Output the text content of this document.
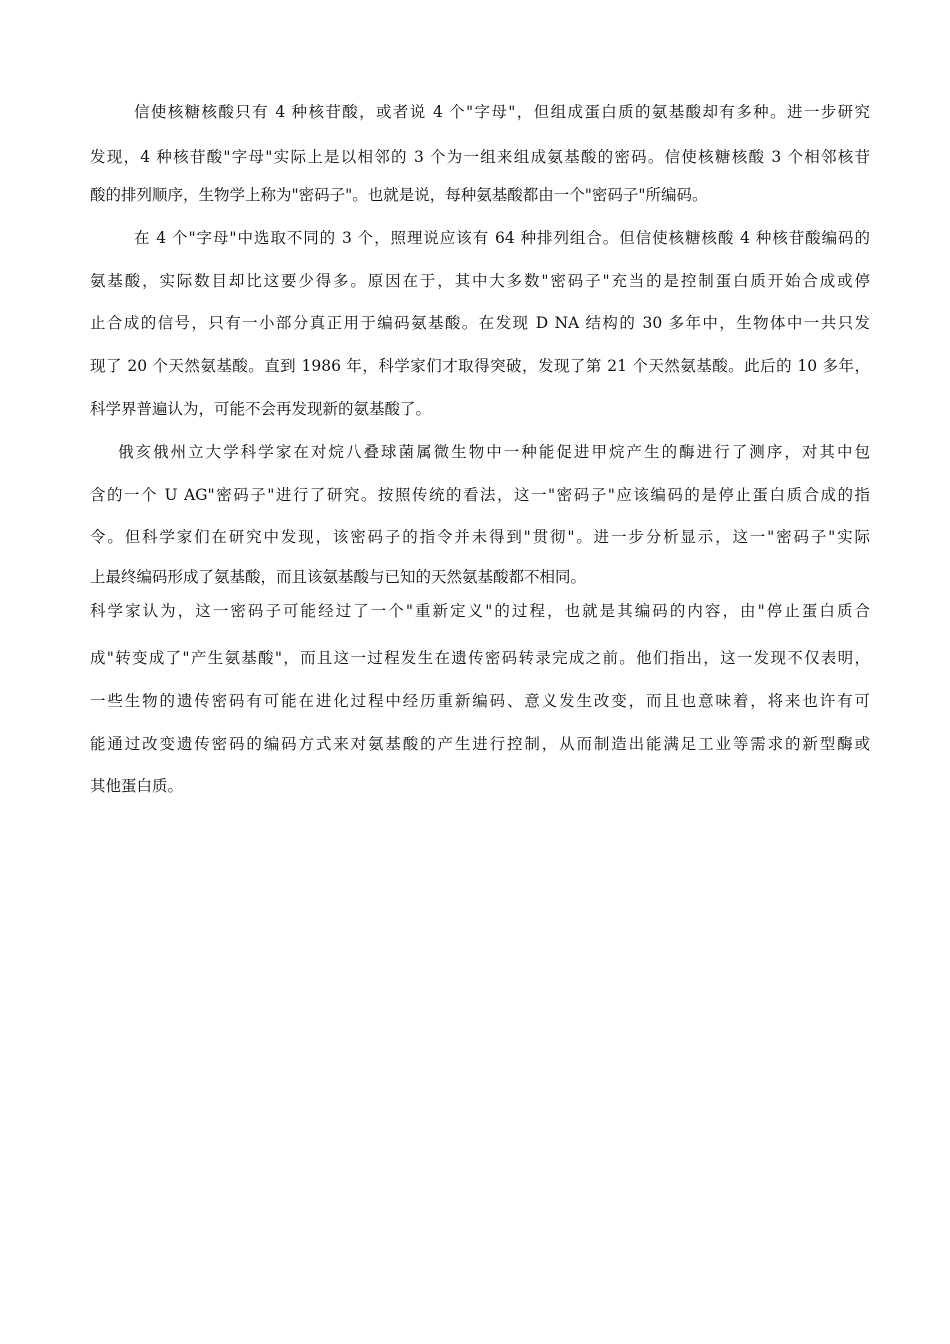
信使核糖核酸只有 4 种核苷酸，或者说 4 个"字母"，但组成蛋白质的氨基酸却有多种。进一步研究
发现，4 种核苷酸"字母"实际上是以相邻的 3 个为一组来组成氨基酸的密码。信使核糖核酸 3 个相邻核苷
酸的排列顺序，生物学上称为"密码子"。也就是说，每种氨基酸都由一个"密码子"所编码。
在 4 个"字母"中选取不同的 3 个，照理说应该有 64 种排列组合。但信使核糖核酸 4 种核苷酸编码的
氨基酸，实际数目却比这要少得多。原因在于，其中大多数"密码子"充当的是控制蛋白质开始合成或停
止合成的信号，只有一小部分真正用于编码氨基酸。在发现 D NA 结构的 30 多年中，生物体中一共只发
现了 20 个天然氨基酸。直到 1986 年，科学家们才取得突破，发现了第 21 个天然氨基酸。此后的 10 多年，
科学界普遍认为，可能不会再发现新的氨基酸了。
俄亥俄州立大学科学家在对烷八叠球菌属微生物中一种能促进甲烷产生的酶进行了测序，对其中包
含的一个 U AG"密码子"进行了研究。按照传统的看法，这一"密码子"应该编码的是停止蛋白质合成的指
令。但科学家们在研究中发现，该密码子的指令并未得到"贯彻"。进一步分析显示，这一"密码子"实际
上最终编码形成了氨基酸，而且该氨基酸与已知的天然氨基酸都不相同。
科学家认为，这一密码子可能经过了一个"重新定义"的过程，也就是其编码的内容，由"停止蛋白质合
成"转变成了"产生氨基酸"，而且这一过程发生在遗传密码转录完成之前。他们指出，这一发现不仅表明，
一些生物的遗传密码有可能在进化过程中经历重新编码、意义发生改变，而且也意味着，将来也许有可
能通过改变遗传密码的编码方式来对氨基酸的产生进行控制，从而制造出能满足工业等需求的新型酶或
其他蛋白质。
